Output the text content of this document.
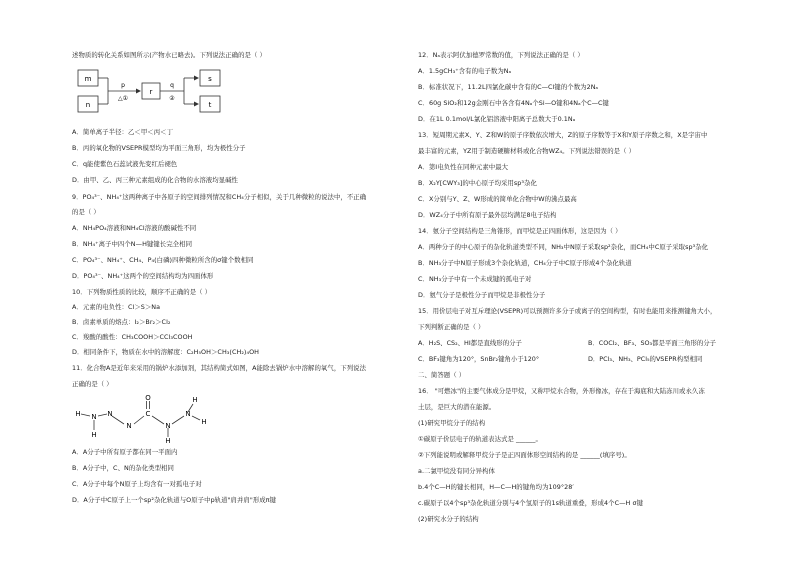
述物质的转化关系如图所示(产物水已略去)。下列说法正确的是（ ）
m
n
p
△①
r
q
②
s
t
A．简单离子半径：乙＜甲＜丙＜丁
B．丙的氧化物的VSEPR模型均为平面三角形，均为极性分子
C．q能使紫色石蕊试液先变红后褪色
D．由甲、乙、丙三种元素组成的化合物的水溶液均显碱性
9．PO₄³⁻、NH₄⁺这两种离子中各原子的空间排列情况和CH₄分子相似，关于几种微粒的说法中，不正确
的是（ ）
A．NH₄PO₄溶液和NH₄Cl溶液的酸碱性不同
B．NH₄⁺离子中四个N—H键键长完全相同
C．PO₄³⁻、NH₄⁺、CH₄、P₄(白磷)四种微粒所含的σ键个数相同
D．PO₄³⁻、NH₄⁺这两个的空间结构均为四面体形
10．下列物质性质的比较，顺序不正确的是（ ）
A．元素的电负性：Cl＞S＞Na
B．卤素单质的熔点：I₂＞Br₂＞Cl₂
C．羧酸的酸性：CH₃COOH＞CCl₃COOH
D．相同条件下，物质在水中的溶解度：C₂H₅OH＞CH₃(CH₂)₄OH
11．化合物A是近年来采用的锅炉水添加剂，其结构简式如图，A能除去锅炉水中溶解的氧气，下列说法
正确的是（ ）
H N N
H
N
C
O
N
H
N
H
H
A．A分子中所有原子都在同一平面内
B．A分子中，C、N的杂化类型相同
C．A分子中每个N原子上均含有一对孤电子对
D．A分子中C原子上一个sp²杂化轨道与O原子中p轨道"肩并肩"形成π键
12．Nₐ表示阿伏加德罗常数的值，下列说法正确的是（ ）
A．1.5gCH₃⁺含有的电子数为Nₐ
B．标准状况下，11.2L四氯化碳中含有的C—Cl键的个数为2Nₐ
C．60g SiO₂和12g金刚石中各含有4Nₐ个Si—O键和4Nₐ个C—C键
D．在1L 0.1mol/L氯化铝溶液中阳离子总数大于0.1Nₐ
13．短周期元素X、Y、Z和W的原子序数依次增大，Z的原子序数等于X和Y原子序数之和，X是宇宙中
最丰富的元素，YZ用于制造硬糖材料或化合物WZ₄。下列说法错误的是（ ）
A．第I电负性在同种元素中最大
B．X₂Y[CWY₃]的中心原子均采用sp³杂化
C．X分别与Y、Z、W形成的简单化合物中W的沸点最高
D．WZ₄分子中所有原子最外层均满足8电子结构
14．氨分子空间结构是三角锥形，而甲烷是正四面体形，这是因为（ ）
A．两种分子的中心原子的杂化轨道类型不同，NH₃中N原子采取sp²杂化，而CH₄中C原子采取sp³杂化
B．NH₃分子中N原子形成3个杂化轨道，CH₄分子中C原子形成4个杂化轨道
C．NH₃分子中有一个未成键的孤电子对
D．氨气分子是极性分子而甲烷是非极性分子
15．用价层电子对互斥理论(VSEPR)可以预测许多分子或离子的空间构型，有时也能用来推测键角大小，
下列判断正确的是（ ）
A．H₂S、CS₂、HI都是直线形的分子	B．COCl₂、BF₃、SO₃都是平面三角形的分子
C．BF₃键角为120°，SnBr₂键角小于120°	D．PCl₃、NH₃、PCl₅的VSEPR构型相同
二、简答题（ ）
16． "可燃冰"的主要气体成分是甲烷，又称甲烷水合物，外形像冰，存在于海底和大陆冻川或永久冻
土层，是巨大的潜在能源。
(1)研究甲烷分子的结构
①碳原子价层电子的轨道表达式是 ______。
②下列能说明或解释甲烷分子是正四面体形空间结构的是 ______(填序号)。
a.二氯甲烷没有同分异构体
b.4个C—H的键长相同，H—C—H的键角均为109°28′
c.碳原子以4个sp³杂化轨道分别与4个氢原子的1s轨道重叠，形成4个C—H σ键
(2)研究水分子的结构
